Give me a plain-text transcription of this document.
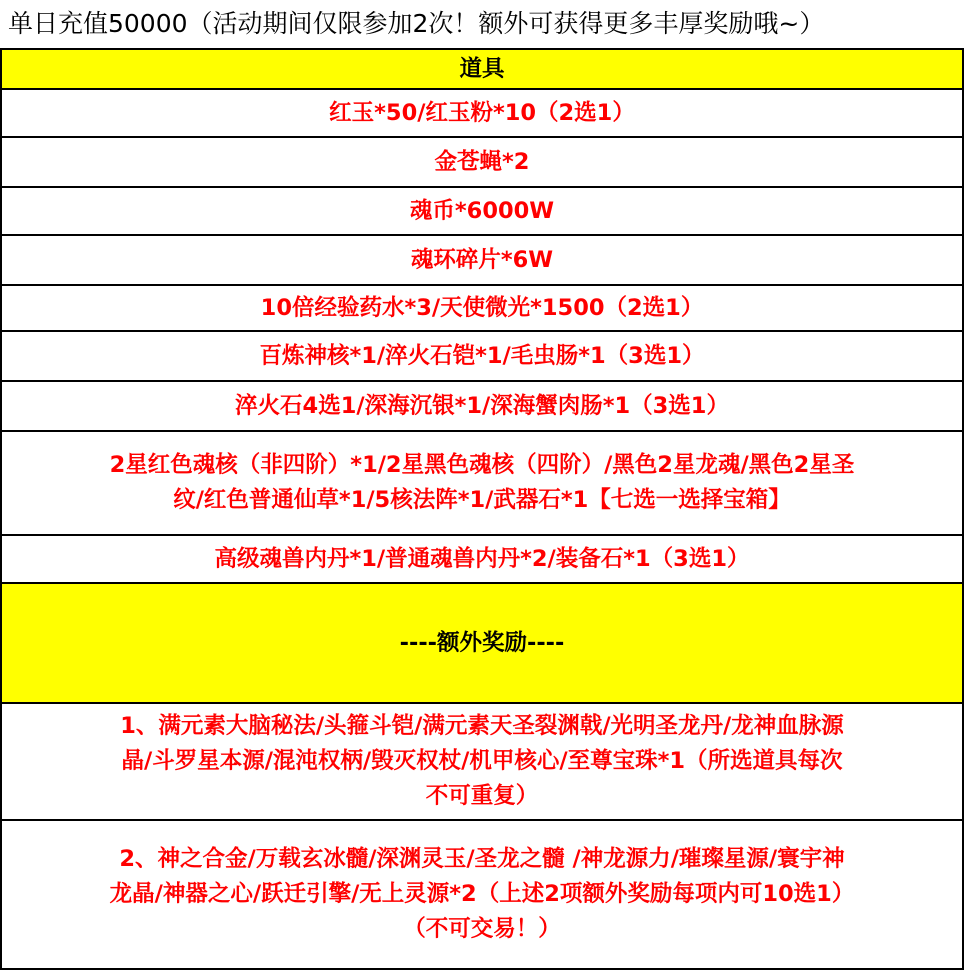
单日充值50000（活动期间仅限参加2次！额外可获得更多丰厚奖励哦~）
道具
红玉*50/红玉粉*10（2选1）
金苍蝇*2
魂币*6000W
魂环碎片*6W
10倍经验药水*3/天使微光*1500（2选1）
百炼神核*1/淬火石铠*1/毛虫肠*1（3选1）
淬火石4选1/深海沉银*1/深海蟹肉肠*1（3选1）
2星红色魂核（非四阶）*1/2星黑色魂核（四阶）/黑色2星龙魂/黑色2星圣
纹/红色普通仙草*1/5核法阵*1/武器石*1【七选一选择宝箱】
高级魂兽内丹*1/普通魂兽内丹*2/装备石*1（3选1）
----额外奖励----
1、满元素大脑秘法/头箍斗铠/满元素天圣裂渊戟/光明圣龙丹/龙神血脉源
晶/斗罗星本源/混沌权柄/毁灭权杖/机甲核心/至尊宝珠*1（所选道具每次
不可重复）
2、神之合金/万载玄冰髓/深渊灵玉/圣龙之髓 /神龙源力/璀璨星源/寰宇神
龙晶/神器之心/跃迁引擎/无上灵源*2（上述2项额外奖励每项内可10选1）
（不可交易！）
